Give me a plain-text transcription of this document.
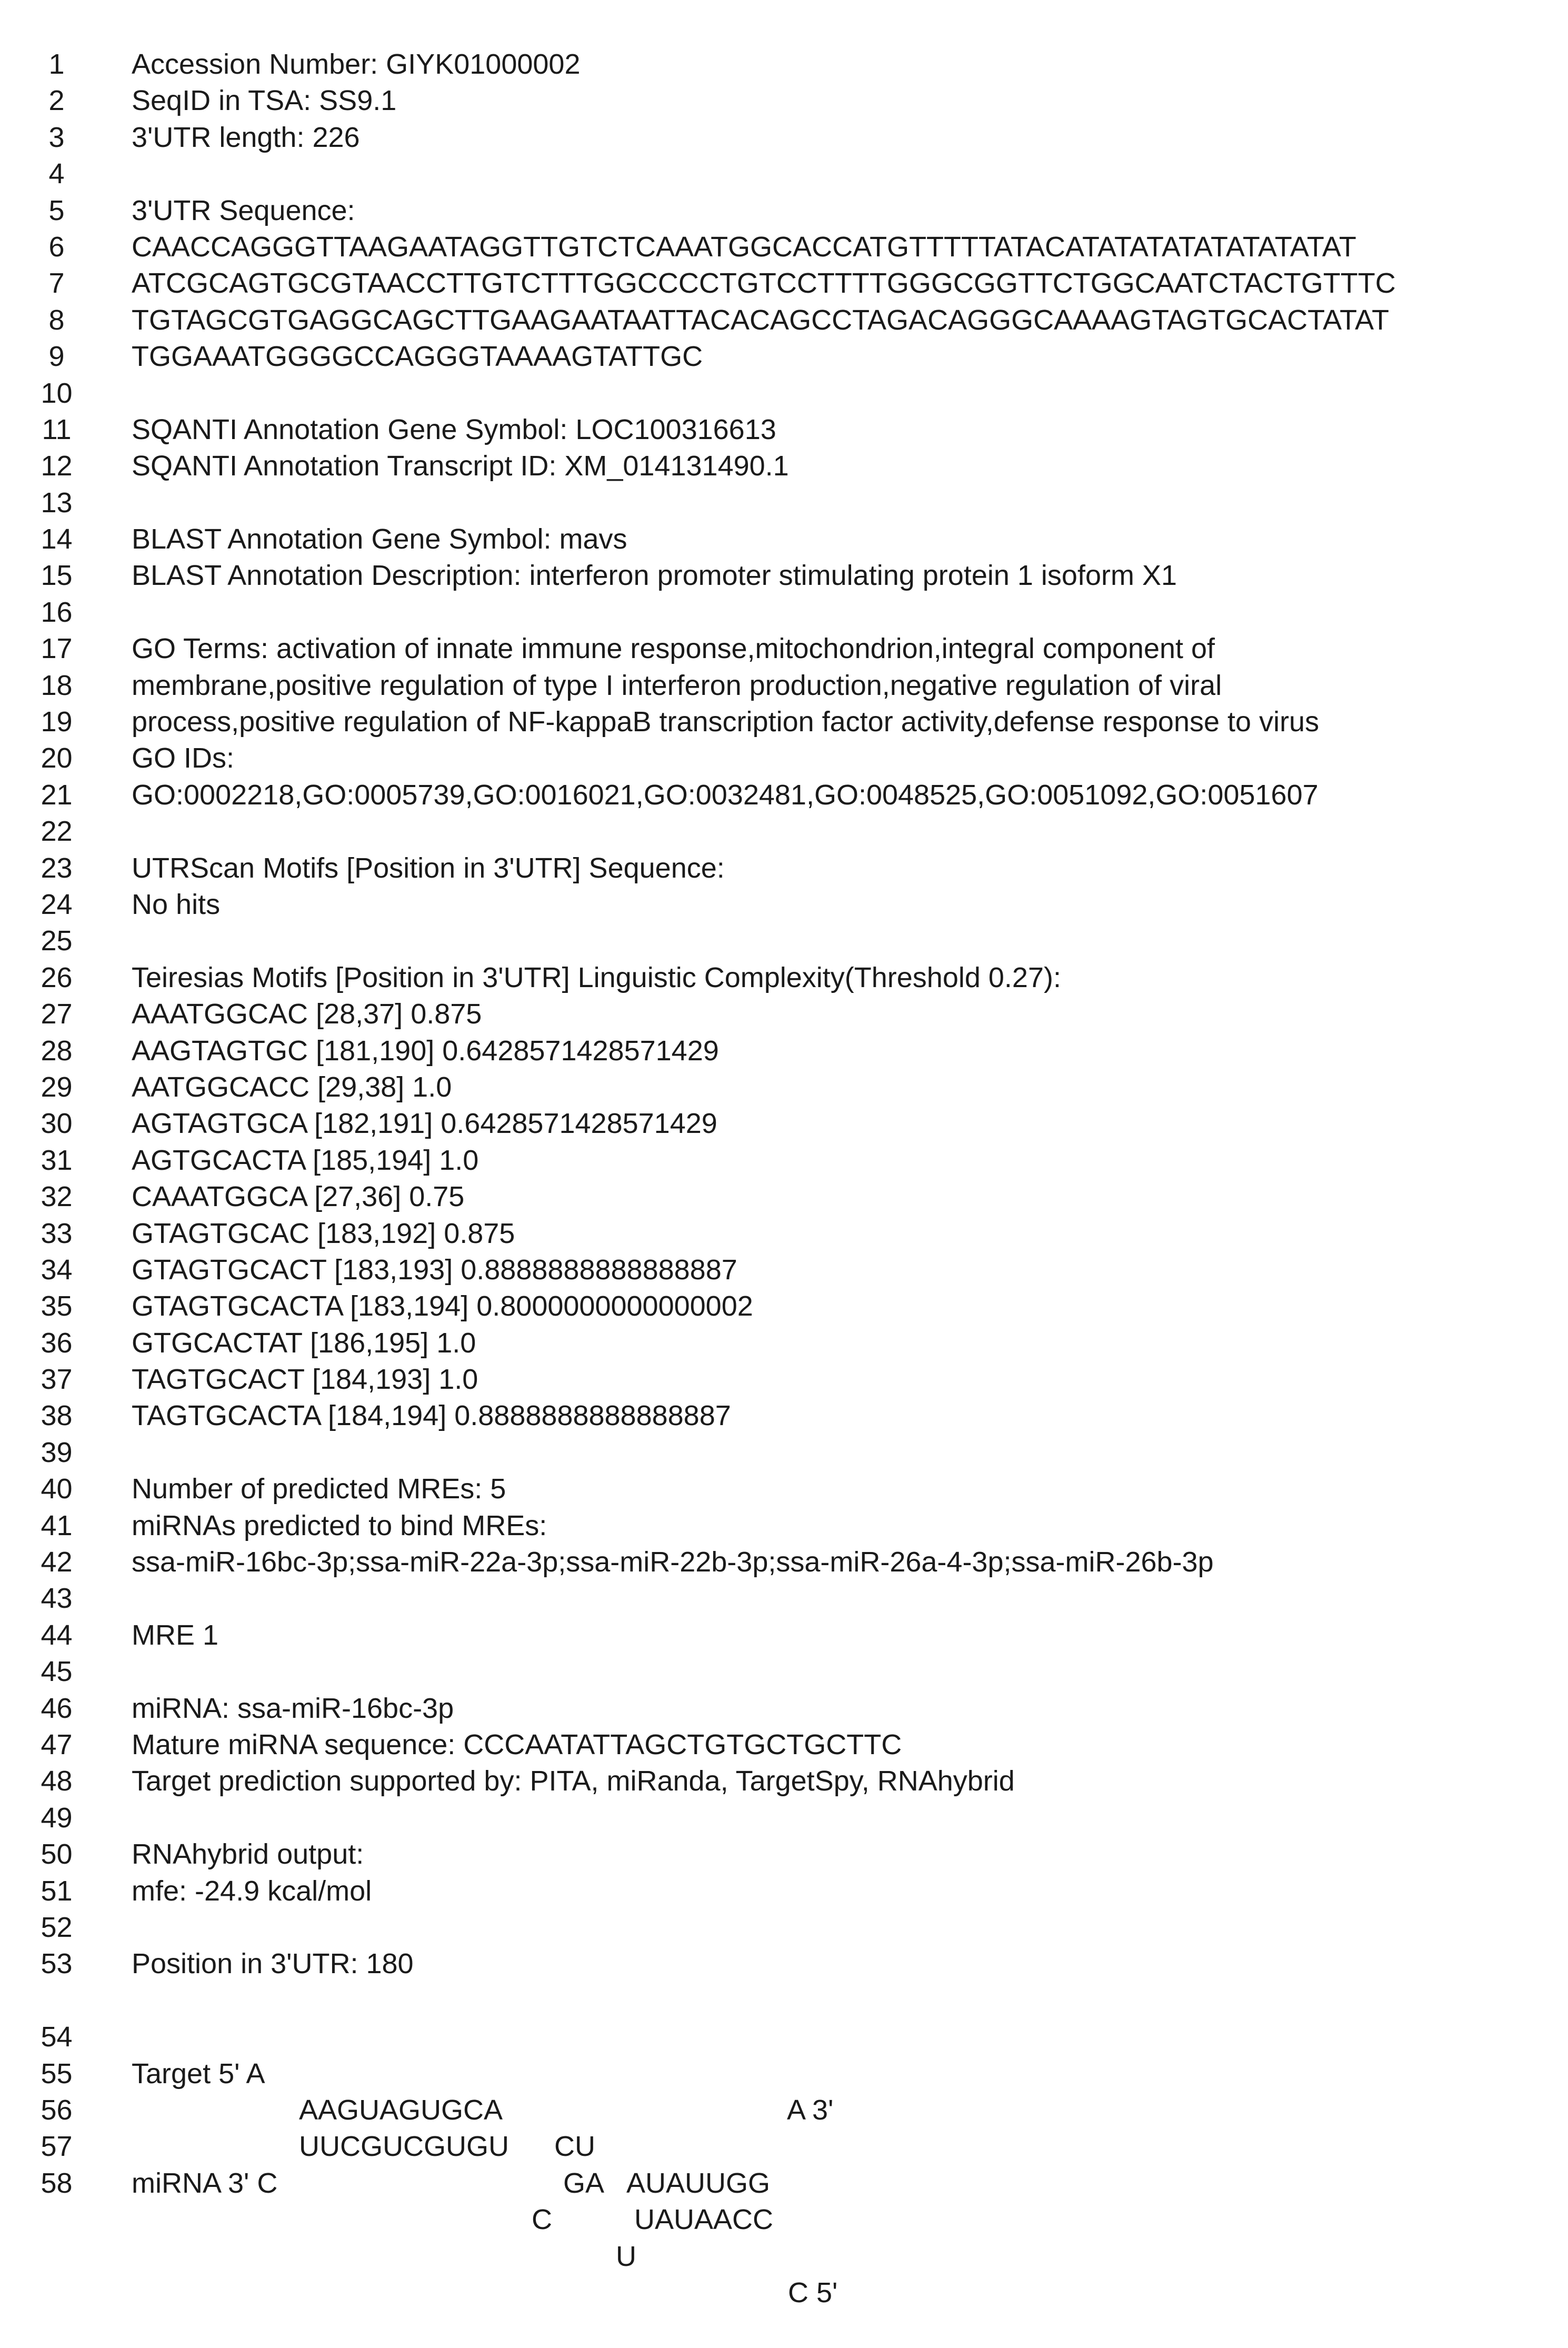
1	Accession Number: GIYK01000002
2	SeqID in TSA: SS9.1
3	3'UTR length: 226
4
5	3'UTR Sequence:
6	CAACCAGGGTTAAGAATAGGTTGTCTCAAATGGCACCATGTTTTTATACATATATATATATATATAT
7	ATCGCAGTGCGTAACCTTGTCTTTGGCCCCTGTCCTTTTGGGCGGTTCTGGCAATCTACTGTTTC
8	TGTAGCGTGAGGCAGCTTGAAGAATAATTACACAGCCTAGACAGGGCAAAAGTAGTGCACTATAT
9	TGGAAATGGGGCCAGGGTAAAAGTATTGC
10
11	SQANTI Annotation Gene Symbol: LOC100316613
12	SQANTI Annotation Transcript ID: XM_014131490.1
13
14	BLAST Annotation Gene Symbol: mavs
15	BLAST Annotation Description: interferon promoter stimulating protein 1 isoform X1
16
17	GO Terms: activation of innate immune response,mitochondrion,integral component of
18	membrane,positive regulation of type I interferon production,negative regulation of viral
19	process,positive regulation of NF-kappaB transcription factor activity,defense response to virus
20	GO IDs:
21	GO:0002218,GO:0005739,GO:0016021,GO:0032481,GO:0048525,GO:0051092,GO:0051607
22
23	UTRScan Motifs [Position in 3'UTR] Sequence:
24	No hits
25
26	Teiresias Motifs [Position in 3'UTR] Linguistic Complexity(Threshold 0.27):
27	AAATGGCAC [28,37] 0.875
28	AAGTAGTGC [181,190] 0.6428571428571429
29	AATGGCACC [29,38] 1.0
30	AGTAGTGCA [182,191] 0.6428571428571429
31	AGTGCACTA [185,194] 1.0
32	CAAATGGCA [27,36] 0.75
33	GTAGTGCAC [183,192] 0.875
34	GTAGTGCACT [183,193] 0.8888888888888887
35	GTAGTGCACTA [183,194] 0.8000000000000002
36	GTGCACTAT [186,195] 1.0
37	TAGTGCACT [184,193] 1.0
38	TAGTGCACTA [184,194] 0.8888888888888887
39
40	Number of predicted MREs: 5
41	miRNAs predicted to bind MREs:
42	ssa-miR-16bc-3p;ssa-miR-22a-3p;ssa-miR-22b-3p;ssa-miR-26a-4-3p;ssa-miR-26b-3p
43
44	MRE 1
45
46	miRNA: ssa-miR-16bc-3p
47	Mature miRNA sequence: CCCAATATTAGCTGTGCTGCTTC
48	Target prediction supported by: PITA, miRanda, TargetSpy, RNAhybrid
49
50	RNAhybrid output:
51	mfe: -24.9 kcal/mol
52
53	Position in 3'UTR: 180

54

Target 5' A

A 3'

55

AAGUAGUGCA

CU

AUAUUGG

56

UUCGUCGUGU

GA

UAUAACC

57

miRNA 3' C

C

U

C 5'

58
